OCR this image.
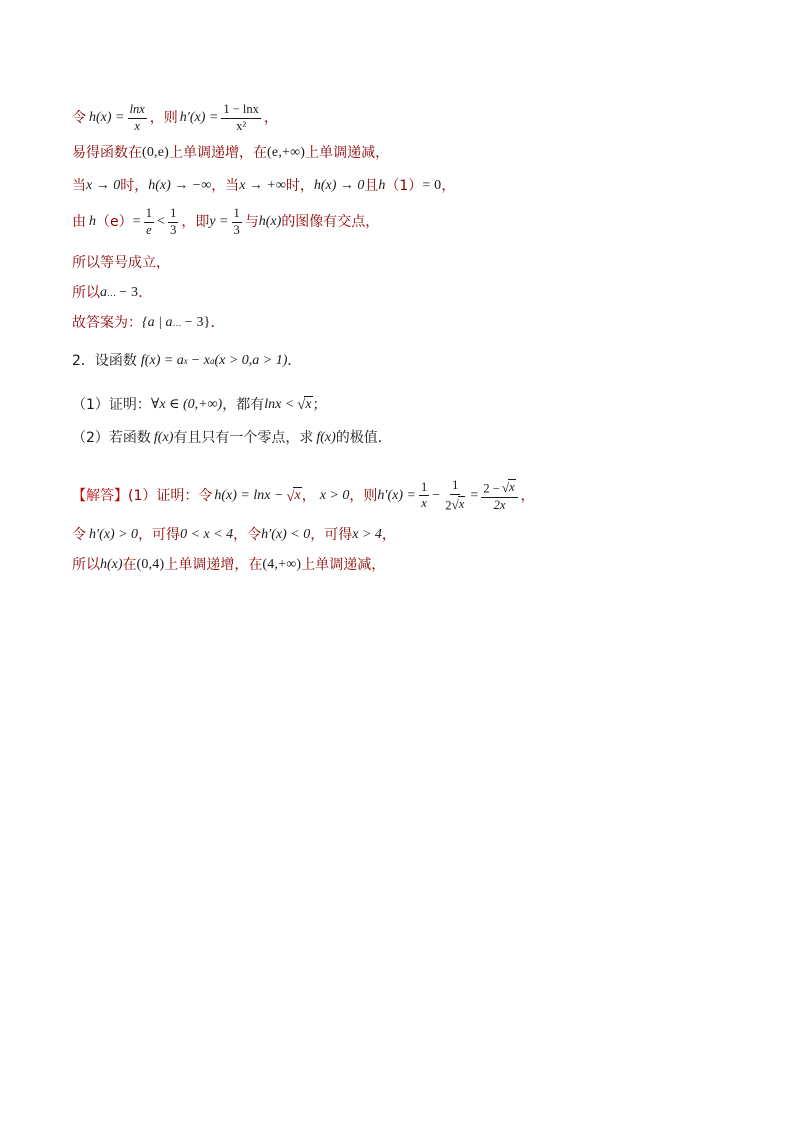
令 $h(x) = \frac{\ln x}{x}$ ，则 $h'(x) = \frac{1 - \ln x}{\text{x²}}$ ，
易得函数在 (0,e) 上单调递增，在 (e,+∞) 上单调递减，
当 x → 0 时， h(x) → −∞ ，当 x → +∞ 时， h(x) → 0 且 h （1） = 0 ，
由 h $(e) = \frac{1}{e} < \frac{1}{3}$ ，即 $y = \frac{1}{3}$ 与 h(x) 的图像有交点，
所以等号成立，
所以 a … − 3 ．
故答案为： {a | a … − 3} ．
2．设函数 f(x) = a x − x a (x > 0,a > 1) ．
（1）证明： ∀x ∈ (0,+∞) ，都有 lnx < √ x ；
（2）若函数 f(x) 有且只有一个零点，求 f(x) 的极值．
【解答】 (1）证明：令 h(x) = lnx − √ x ， x > 0 ，则 $h'(x) = \frac{1}{x} - \frac{1}{2 √ x} = \frac{2 - √ x}{2x}$ ，
令 h′(x) > 0 ，可得 0 < x < 4 ，令 h′(x) < 0 ，可得 x > 4 ，
所以 h(x) 在 (0,4) 上单调递增，在 (4,+∞) 上单调递减，
